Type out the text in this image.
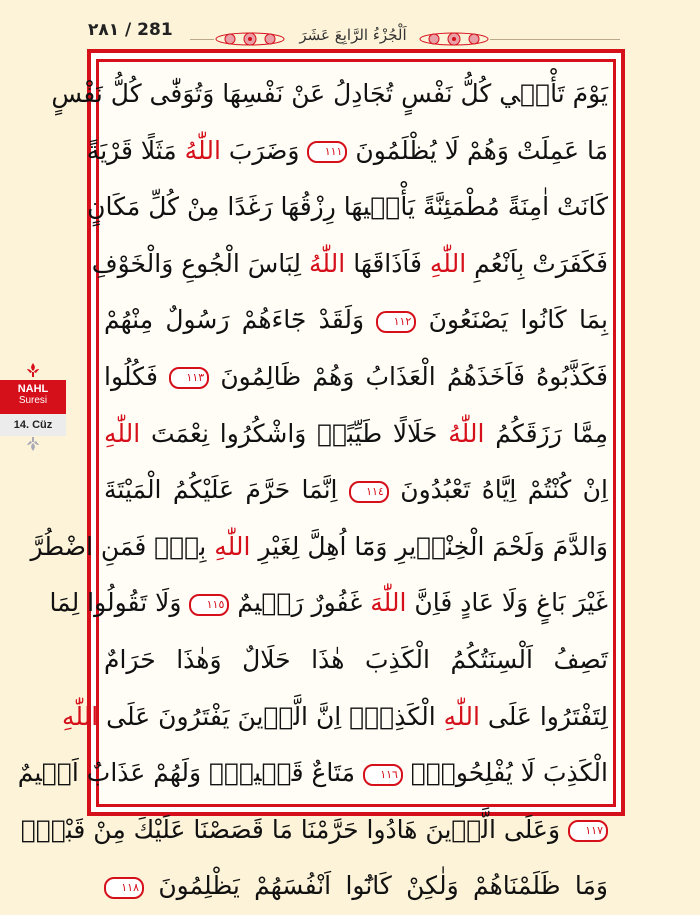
٢٨١ / 281	اَلْجُزْءُ الرَّابِعَ عَشَرَ
يَوْمَ تَأْت۪ي كُلُّ نَفْسٍ تُجَادِلُ عَنْ نَفْسِهَا وَتُوَفّٰى كُلُّ نَفْسٍ
مَا عَمِلَتْ وَهُمْ لَا يُظْلَمُونَ ١١١ وَضَرَبَ اللّٰهُ مَثَلًا قَرْيَةً
كَانَتْ اٰمِنَةً مُطْمَئِنَّةً يَأْت۪يهَا رِزْقُهَا رَغَدًا مِنْ كُلِّ مَكَانٍ
فَكَفَرَتْ بِاَنْعُمِ اللّٰهِ فَاَذَاقَهَا اللّٰهُ لِبَاسَ الْجُوعِ وَالْخَوْفِ
بِمَا كَانُوا يَصْنَعُونَ ١١٢ وَلَقَدْ جَٓاءَهُمْ رَسُولٌ مِنْهُمْ
فَكَذَّبُوهُ فَاَخَذَهُمُ الْعَذَابُ وَهُمْ ظَالِمُونَ ١١٣ فَكُلُوا
مِمَّا رَزَقَكُمُ اللّٰهُ حَلَالًا طَيِّبًاۖ وَاشْكُرُوا نِعْمَتَ اللّٰهِ
اِنْ كُنْتُمْ اِيَّاهُ تَعْبُدُونَ ١١٤ اِنَّمَا حَرَّمَ عَلَيْكُمُ الْمَيْتَةَ
وَالدَّمَ وَلَحْمَ الْخِنْز۪يرِ وَمَٓا اُهِلَّ لِغَيْرِ اللّٰهِ بِه۪ۚ فَمَنِ اضْطُرَّ
غَيْرَ بَاغٍ وَلَا عَادٍ فَاِنَّ اللّٰهَ غَفُورٌ رَح۪يمٌ ١١٥ وَلَا تَقُولُوا لِمَا
تَصِفُ اَلْسِنَتُكُمُ الْكَذِبَ هٰذَا حَلَالٌ وَهٰذَا حَرَامٌ
لِتَفْتَرُوا عَلَى اللّٰهِ الْكَذِبَۜ اِنَّ الَّذ۪ينَ يَفْتَرُونَ عَلَى اللّٰهِ
الْكَذِبَ لَا يُفْلِحُونَۜ ١١٦ مَتَاعٌ قَل۪يلٌۖ وَلَهُمْ عَذَابٌ اَل۪يمٌ
١١٧ وَعَلَى الَّذ۪ينَ هَادُوا حَرَّمْنَا مَا قَصَصْنَا عَلَيْكَ مِنْ قَبْلُۚ
وَمَا ظَلَمْنَاهُمْ وَلٰكِنْ كَانُٓوا اَنْفُسَهُمْ يَظْلِمُونَ ١١٨
NAHL
Suresi
14. Cüz
